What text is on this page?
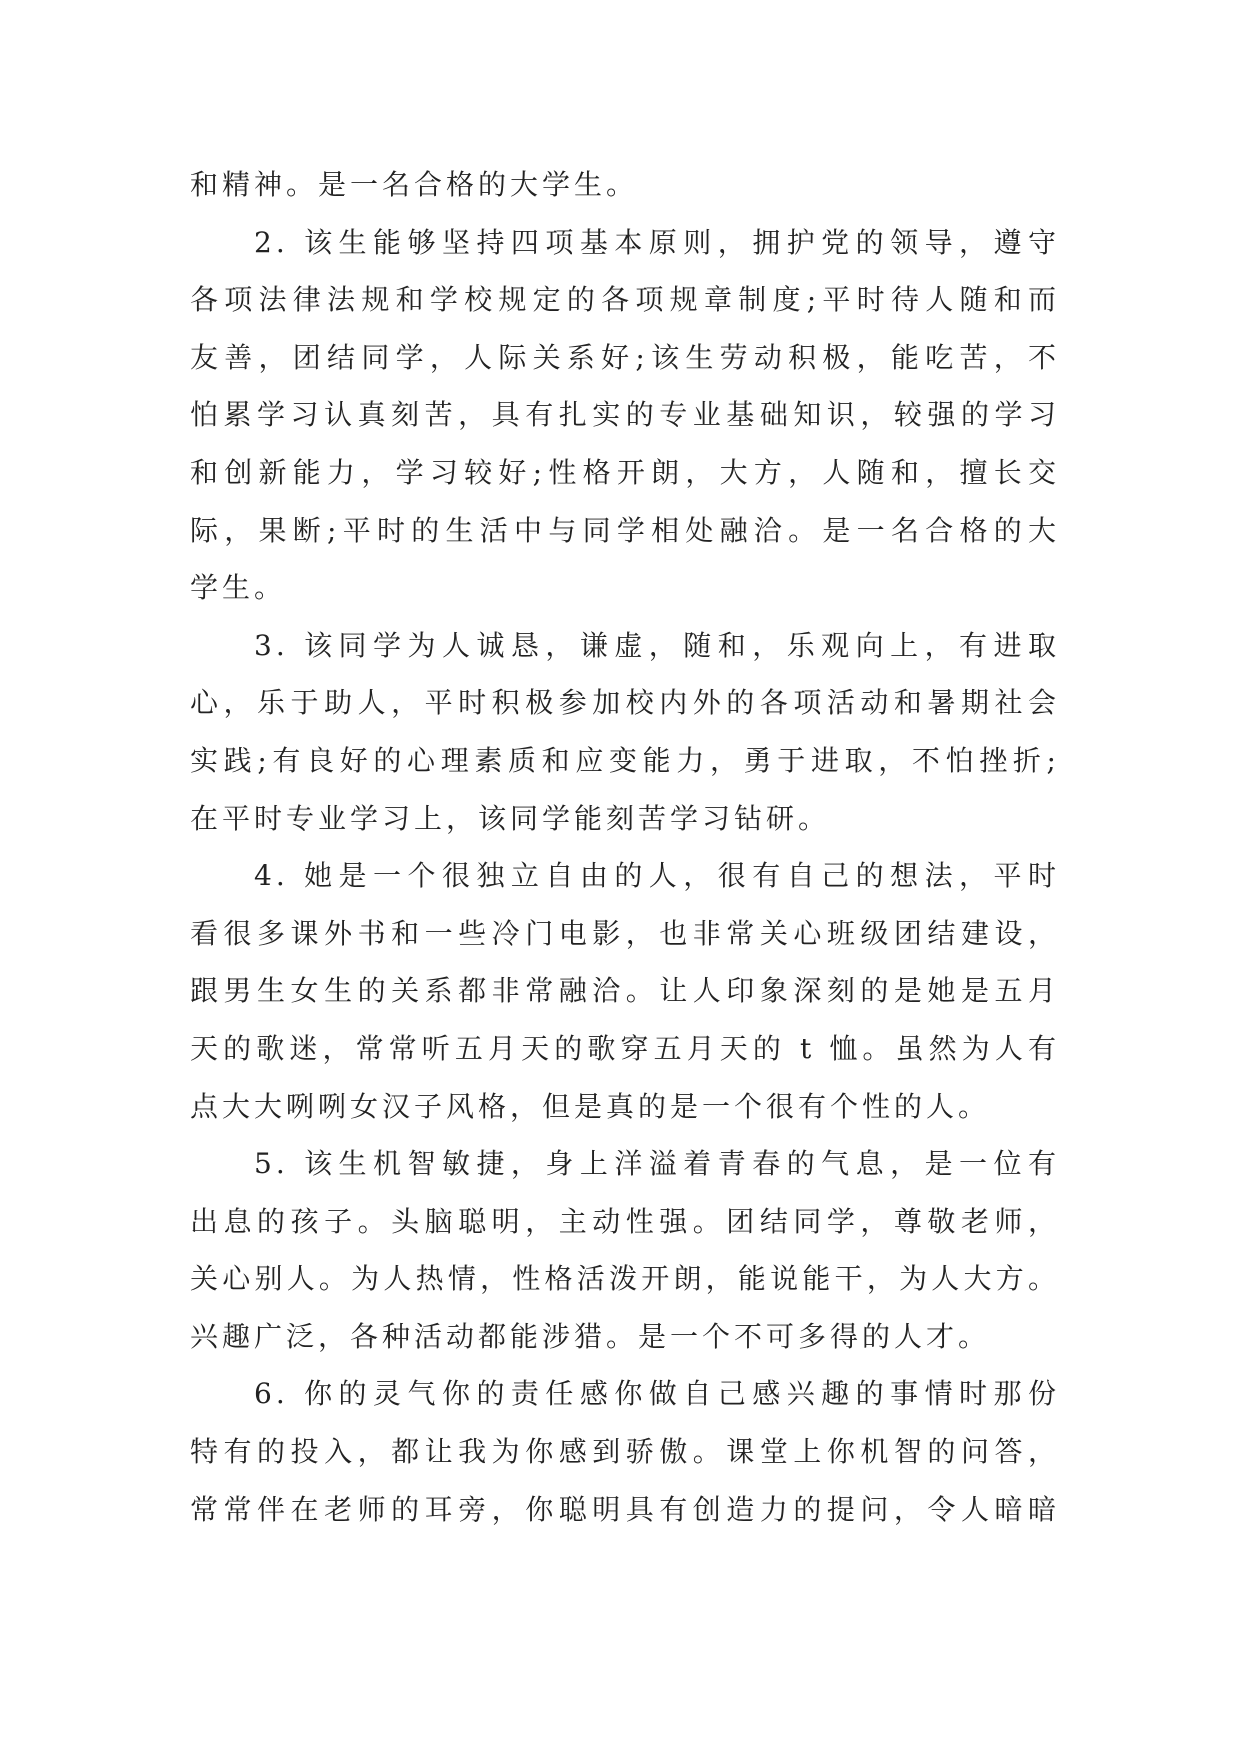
和精神。是一名合格的大学生。
2. 该生能够坚持四项基本原则，拥护党的领导，遵守
各项法律法规和学校规定的各项规章制度;平时待人随和而
友善，团结同学，人际关系好;该生劳动积极，能吃苦，不
怕累学习认真刻苦，具有扎实的专业基础知识，较强的学习
和创新能力，学习较好;性格开朗，大方，人随和，擅长交
际，果断;平时的生活中与同学相处融洽。是一名合格的大
学生。
3. 该同学为人诚恳，谦虚，随和，乐观向上，有进取
心，乐于助人，平时积极参加校内外的各项活动和暑期社会
实践;有良好的心理素质和应变能力，勇于进取，不怕挫折;
在平时专业学习上，该同学能刻苦学习钻研。
4. 她是一个很独立自由的人，很有自己的想法，平时
看很多课外书和一些冷门电影，也非常关心班级团结建设，
跟男生女生的关系都非常融洽。让人印象深刻的是她是五月
天的歌迷，常常听五月天的歌穿五月天的 t 恤。虽然为人有
点大大咧咧女汉子风格，但是真的是一个很有个性的人。
5. 该生机智敏捷，身上洋溢着青春的气息，是一位有
出息的孩子。头脑聪明，主动性强。团结同学，尊敬老师，
关心别人。为人热情，性格活泼开朗，能说能干，为人大方。
兴趣广泛，各种活动都能涉猎。是一个不可多得的人才。
6. 你的灵气你的责任感你做自己感兴趣的事情时那份
特有的投入，都让我为你感到骄傲。课堂上你机智的问答，
常常伴在老师的耳旁，你聪明具有创造力的提问，令人暗暗
